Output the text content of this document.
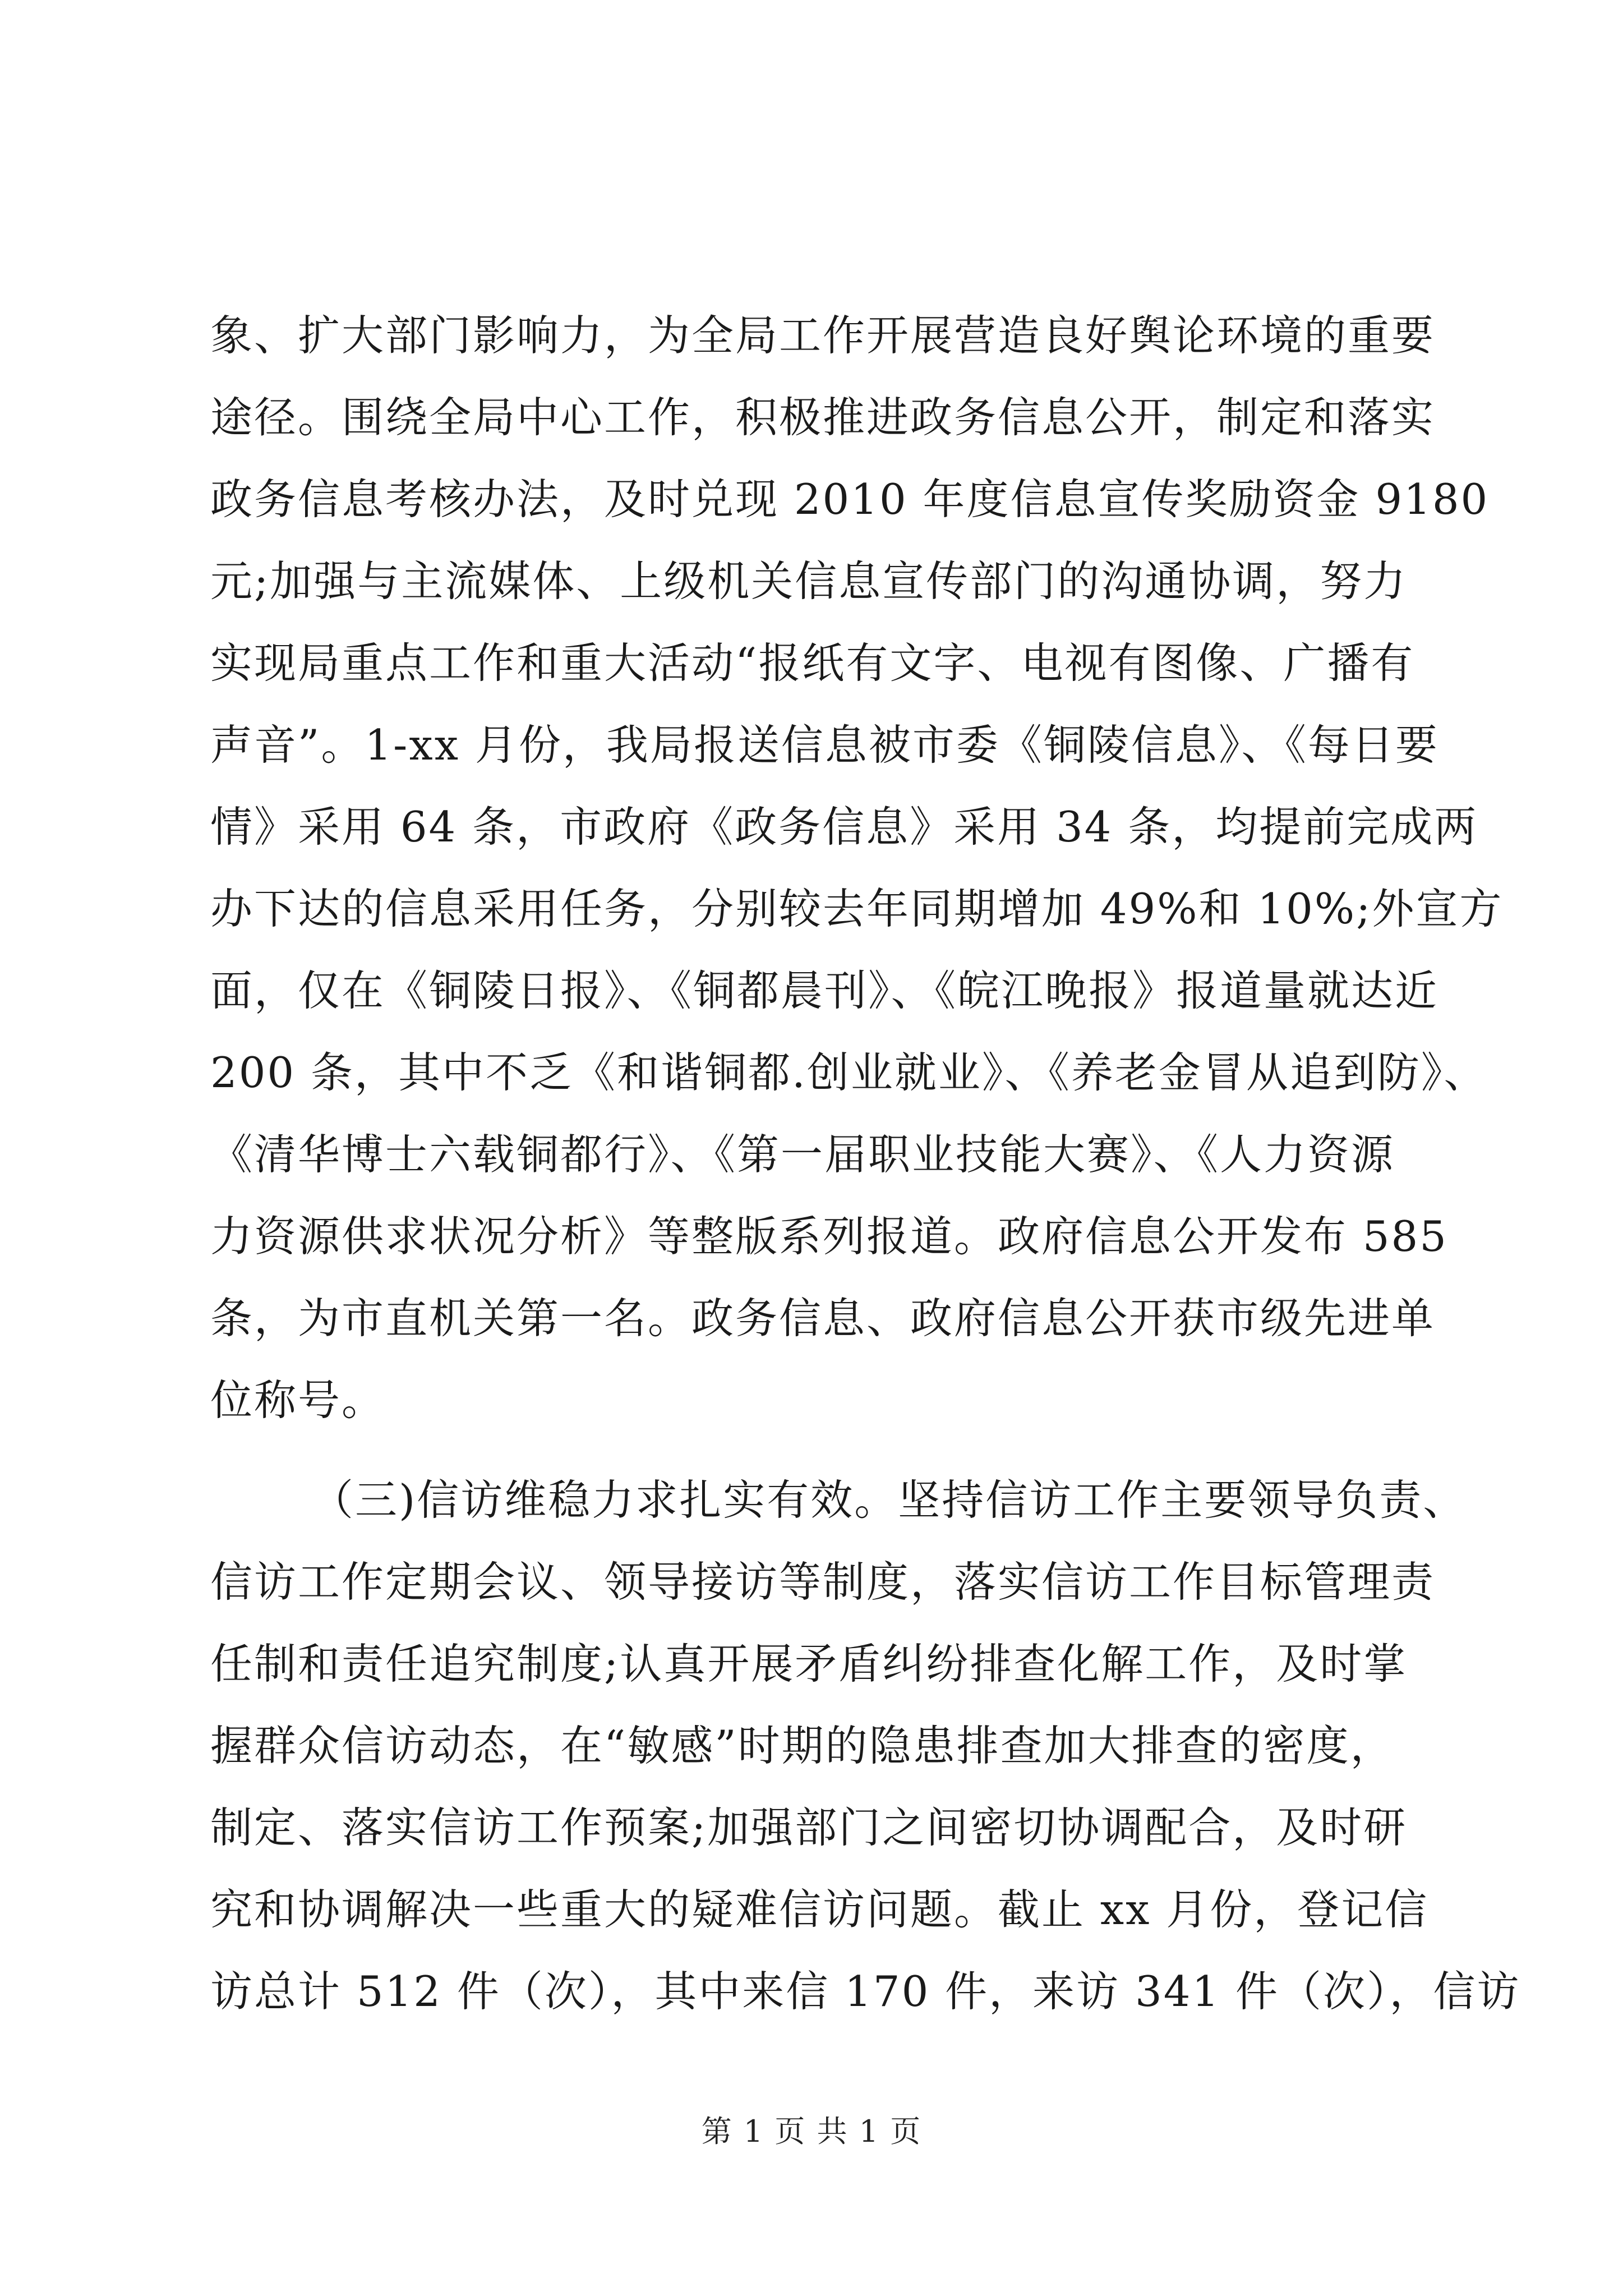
象、扩大部门影响力，为全局工作开展营造良好舆论环境的重要
途径。围绕全局中心工作，积极推进政务信息公开，制定和落实
政务信息考核办法，及时兑现 2010 年度信息宣传奖励资金 9180
元;加强与主流媒体、上级机关信息宣传部门的沟通协调，努力
实现局重点工作和重大活动“报纸有文字、电视有图像、广播有
声音”。1-xx 月份，我局报送信息被市委《铜陵信息》、《每日要
情》采用 64 条，市政府《政务信息》采用 34 条，均提前完成两
办下达的信息采用任务，分别较去年同期增加 49%和 10%;外宣方
面，仅在《铜陵日报》、《铜都晨刊》、《皖江晚报》报道量就达近
200 条，其中不乏《和谐铜都.创业就业》、《养老金冒从追到防》、
《清华博士六载铜都行》、《第一届职业技能大赛》、《人力资源
力资源供求状况分析》等整版系列报道。政府信息公开发布 585
条，为市直机关第一名。政务信息、政府信息公开获市级先进单
位称号。
（三)信访维稳力求扎实有效。坚持信访工作主要领导负责、
信访工作定期会议、领导接访等制度，落实信访工作目标管理责
任制和责任追究制度;认真开展矛盾纠纷排查化解工作，及时掌
握群众信访动态，在“敏感”时期的隐患排查加大排查的密度，
制定、落实信访工作预案;加强部门之间密切协调配合，及时研
究和协调解决一些重大的疑难信访问题。截止 xx 月份，登记信
访总计 512 件（次），其中来信 170 件，来访 341 件（次），信访
第 1 页 共 1 页
